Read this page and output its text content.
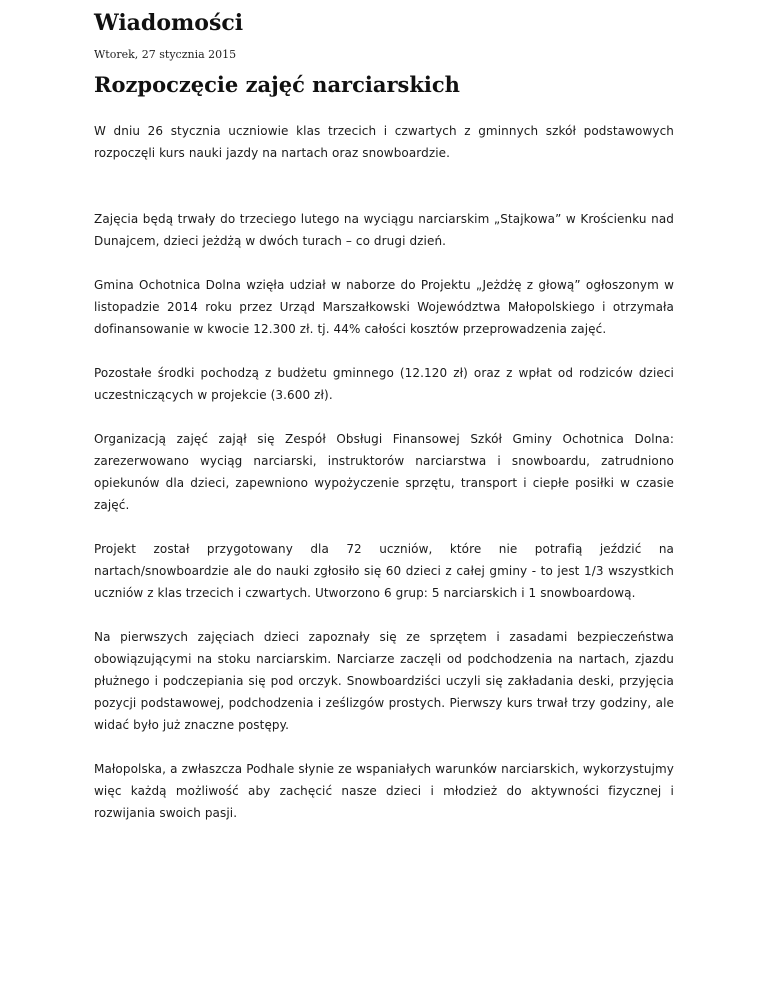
Wiadomości
Wtorek, 27 stycznia 2015
Rozpoczęcie zajęć narciarskich

W dniu 26 stycznia uczniowie klas trzecich i czwartych z gminnych szkół podstawowych rozpoczęli kurs nauki jazdy na nartach oraz snowboardzie.

Zajęcia będą trwały do trzeciego lutego na wyciągu narciarskim „Stajkowa” w Krościenku nad Dunajcem, dzieci jeżdżą w dwóch turach – co drugi dzień.

Gmina Ochotnica Dolna wzięła udział w naborze do Projektu „Jeżdżę z głową” ogłoszonym w listopadzie 2014 roku przez Urząd Marszałkowski Województwa Małopolskiego i otrzymała dofinansowanie w kwocie 12.300 zł. tj. 44% całości kosztów przeprowadzenia zajęć.

Pozostałe środki pochodzą z budżetu gminnego (12.120 zł) oraz z wpłat od rodziców dzieci uczestniczących w projekcie (3.600 zł).

Organizacją zajęć zajął się Zespół Obsługi Finansowej Szkół Gminy Ochotnica Dolna: zarezerwowano wyciąg narciarski, instruktorów narciarstwa i snowboardu, zatrudniono opiekunów dla dzieci, zapewniono wypożyczenie sprzętu, transport i ciepłe posiłki w czasie zajęć.

Projekt został przygotowany dla 72 uczniów, które nie potrafią jeździć na nartach/snowboardzie ale do nauki zgłosiło się 60 dzieci z całej gminy - to jest 1/3 wszystkich uczniów z klas trzecich i czwartych. Utworzono 6 grup: 5 narciarskich i 1 snowboardową.

Na pierwszych zajęciach dzieci zapoznały się ze sprzętem i zasadami bezpieczeństwa obowiązującymi na stoku narciarskim. Narciarze zaczęli od podchodzenia na nartach, zjazdu płużnego i podczepiania się pod orczyk. Snowboardziści uczyli się zakładania deski, przyjęcia pozycji podstawowej, podchodzenia i ześlizgów prostych. Pierwszy kurs trwał trzy godziny, ale widać było już znaczne postępy.

Małopolska, a zwłaszcza Podhale słynie ze wspaniałych warunków narciarskich, wykorzystujmy więc każdą możliwość aby zachęcić nasze dzieci i młodzież do aktywności fizycznej i rozwijania swoich pasji.
